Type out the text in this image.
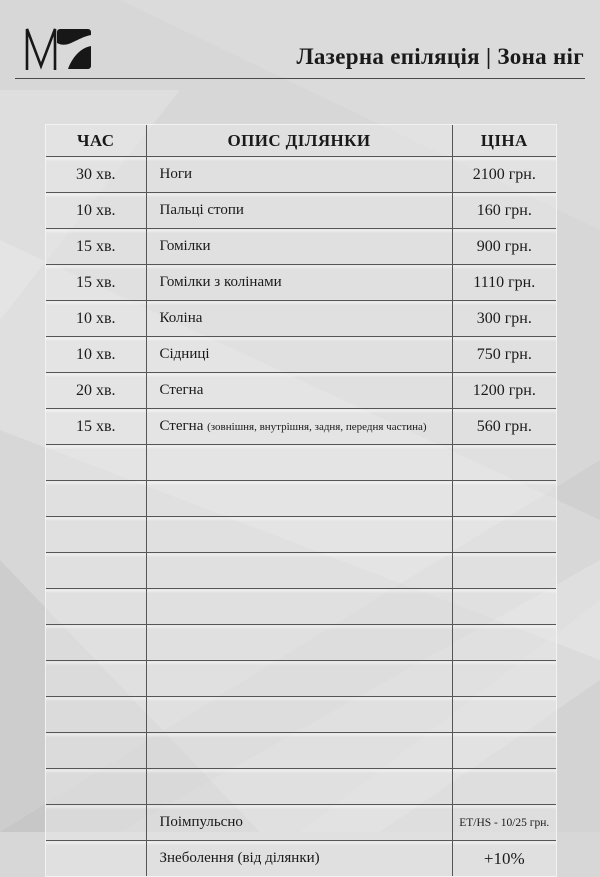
Лазерна епіляція | Зона ніг
ЧАС	ОПИС ДІЛЯНКИ	ЦІНА
30 хв.	Ноги	2100 грн.
10 хв.	Пальці стопи	160 грн.
15 хв.	Гомілки	900 грн.
15 хв.	Гомілки з колінами	1110 грн.
10 хв.	Коліна	300 грн.
10 хв.	Сідниці	750 грн.
20 хв.	Стегна	1200 грн.
15 хв.	Стегна (зовнішня, внутрішня, задня, передня частина)	560 грн.

	Поімпульсно	ET/HS - 10/25 грн.
	Знеболення (від ділянки)	+10%
